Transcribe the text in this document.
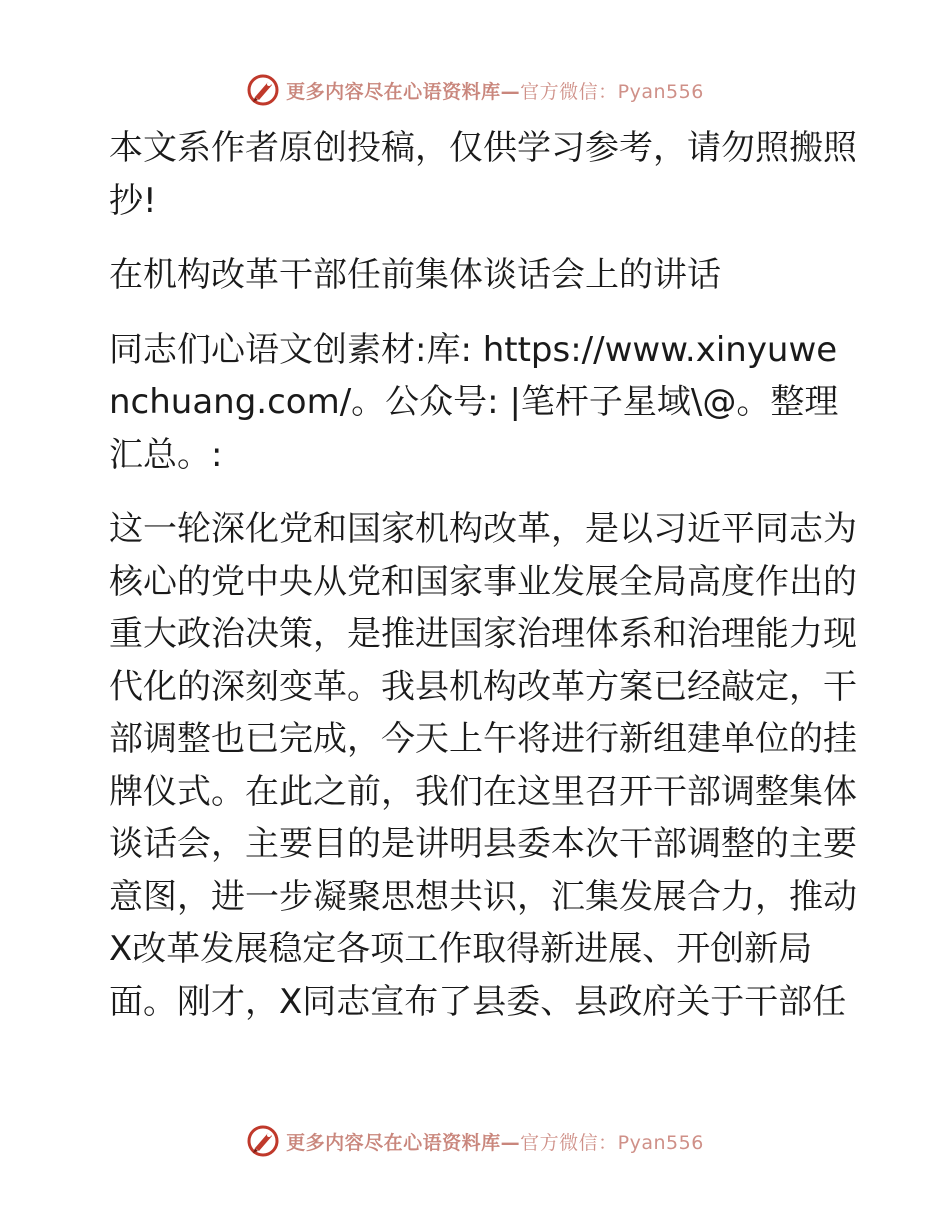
更多内容尽在心语资料库—官方微信：Pyan556

本文系作者原创投稿，仅供学习参考，请勿照搬照抄!

在机构改革干部任前集体谈话会上的讲话

同志们心语文创素材:库: https://www.xinyuwenchuang.com/。公众号: |笔杆子星域\@。整理汇总。:

这一轮深化党和国家机构改革，是以习近平同志为核心的党中央从党和国家事业发展全局高度作出的重大政治决策，是推进国家治理体系和治理能力现代化的深刻变革。我县机构改革方案已经敲定，干部调整也已完成，今天上午将进行新组建单位的挂牌仪式。在此之前，我们在这里召开干部调整集体谈话会，主要目的是讲明县委本次干部调整的主要意图，进一步凝聚思想共识，汇集发展合力，推动X改革发展稳定各项工作取得新进展、开创新局面。刚才，X同志宣布了县委、县政府关于干部任

更多内容尽在心语资料库—官方微信：Pyan556
